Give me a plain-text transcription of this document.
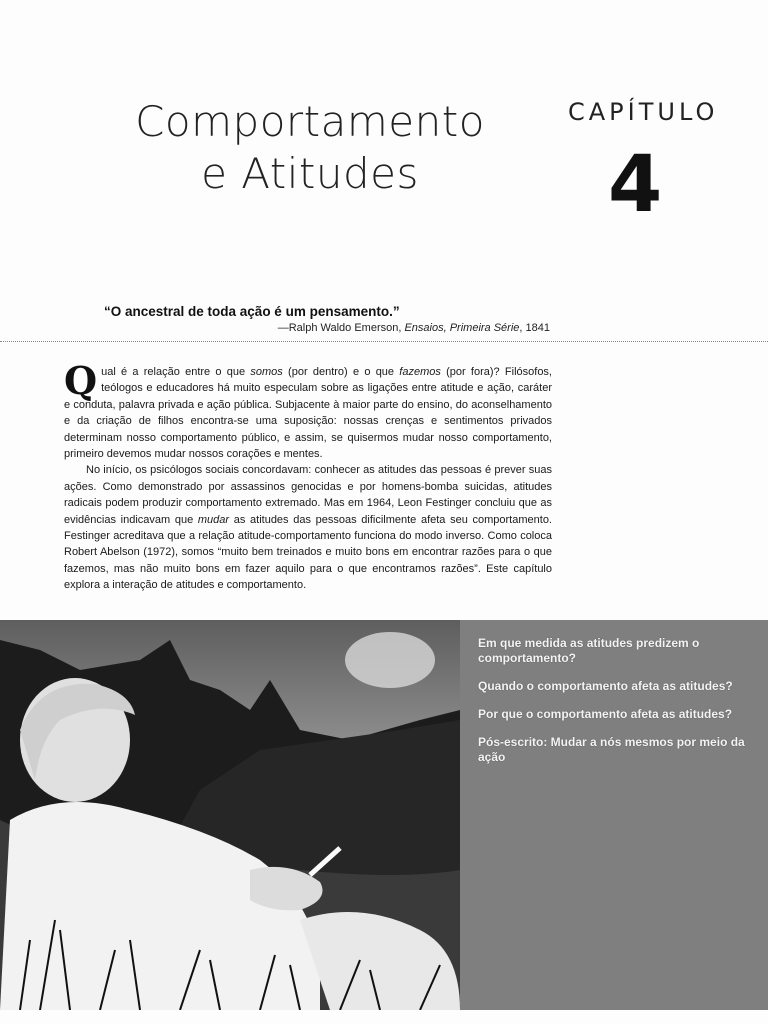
Comportamento
e Atitudes
CAPÍTULO
4
“O ancestral de toda ação é um pensamento.”
—Ralph Waldo Emerson, Ensaios, Primeira Série, 1841

Qual é a relação entre o que somos (por dentro) e o que fazemos (por fora)? Filósofos, teólogos e educadores há muito especulam sobre as ligações entre atitude e ação, caráter e conduta, palavra privada e ação pública. Subjacente à maior parte do ensino, do aconselhamento e da criação de filhos encontra-se uma suposição: nossas crenças e sentimentos privados determinam nosso comportamento público, e assim, se quisermos mudar nosso comportamento, primeiro devemos mudar nossos corações e mentes.

No início, os psicólogos sociais concordavam: conhecer as atitudes das pessoas é prever suas ações. Como demonstrado por assassinos genocidas e por homens-bomba suicidas, atitudes radicais podem produzir comportamento extremado. Mas em 1964, Leon Festinger concluiu que as evidências indicavam que mudar as atitudes das pessoas dificilmente afeta seu comportamento. Festinger acreditava que a relação atitude-comportamento funciona do modo inverso. Como coloca Robert Abelson (1972), somos “muito bem treinados e muito bons em encontrar razões para o que fazemos, mas não muito bons em fazer aquilo para o que encontramos razões”. Este capítulo explora a interação de atitudes e comportamento.

Em que medida as atitudes predizem o comportamento?
Quando o comportamento afeta as atitudes?
Por que o comportamento afeta as atitudes?
Pós-escrito: Mudar a nós mesmos por meio da ação
